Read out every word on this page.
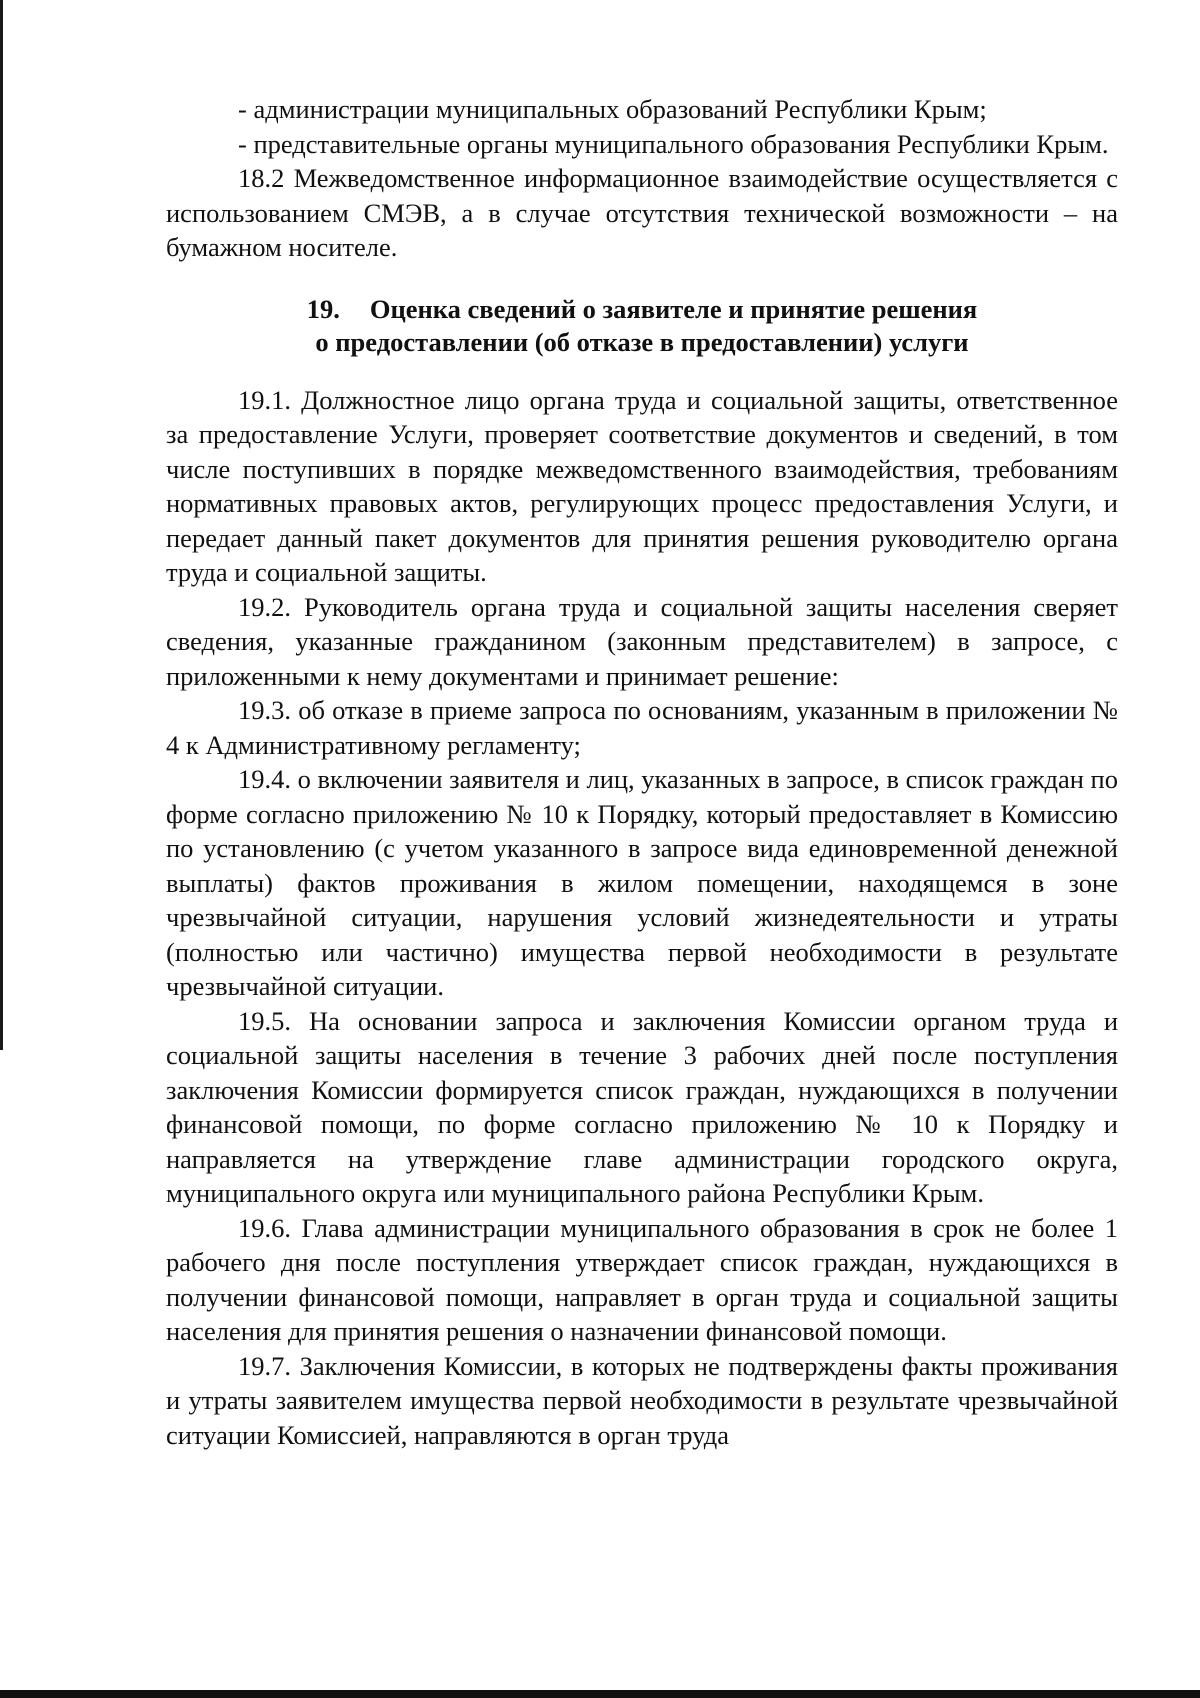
- администрации муниципальных образований Республики Крым;

- представительные органы муниципального образования Республики Крым.

18.2 Межведомственное информационное взаимодействие осуществляется с использованием СМЭВ, а в случае отсутствия технической возможности – на бумажном носителе.

19. Оценка сведений о заявителе и принятие решения
о предоставлении (об отказе в предоставлении) услуги

19.1. Должностное лицо органа труда и социальной защиты, ответственное за предоставление Услуги, проверяет соответствие документов и сведений, в том числе поступивших в порядке межведомственного взаимодействия, требованиям нормативных правовых актов, регулирующих процесс предоставления Услуги, и передает данный пакет документов для принятия решения руководителю органа труда и социальной защиты.

19.2. Руководитель органа труда и социальной защиты населения сверяет сведения, указанные гражданином (законным представителем) в запросе, с приложенными к нему документами и принимает решение:

19.3. об отказе в приеме запроса по основаниям, указанным в приложении № 4 к Административному регламенту;

19.4. о включении заявителя и лиц, указанных в запросе, в список граждан по форме согласно приложению № 10 к Порядку, который предоставляет в Комиссию по установлению (с учетом указанного в запросе вида единовременной денежной выплаты) фактов проживания в жилом помещении, находящемся в зоне чрезвычайной ситуации, нарушения условий жизнедеятельности и утраты (полностью или частично) имущества первой необходимости в результате чрезвычайной ситуации.

19.5. На основании запроса и заключения Комиссии органом труда и социальной защиты населения в течение 3 рабочих дней после поступления заключения Комиссии формируется список граждан, нуждающихся в получении финансовой помощи, по форме согласно приложению № 10 к Порядку и направляется на утверждение главе администрации городского округа, муниципального округа или муниципального района Республики Крым.

19.6. Глава администрации муниципального образования в срок не более 1 рабочего дня после поступления утверждает список граждан, нуждающихся в получении финансовой помощи, направляет в орган труда и социальной защиты населения для принятия решения о назначении финансовой помощи.

19.7. Заключения Комиссии, в которых не подтверждены факты проживания и утраты заявителем имущества первой необходимости в результате чрезвычайной ситуации Комиссией, направляются в орган труда
